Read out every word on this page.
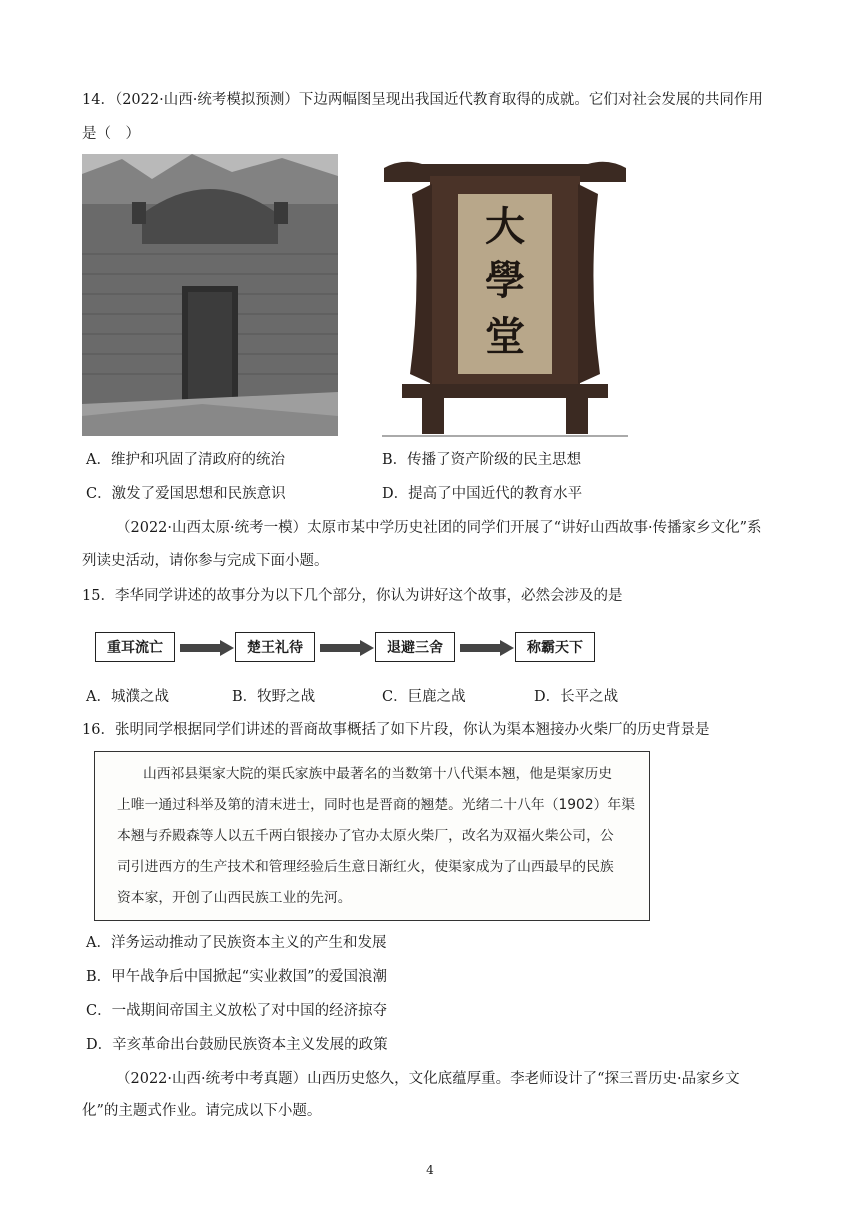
14．（2022·山西·统考模拟预测）下边两幅图呈现出我国近代教育取得的成就。它们对社会发展的共同作用
是（　）
大
學
堂
A．维护和巩固了清政府的统治	B．传播了资产阶级的民主思想
C．激发了爱国思想和民族意识	D．提高了中国近代的教育水平
（2022·山西太原·统考一模）太原市某中学历史社团的同学们开展了“讲好山西故事·传播家乡文化”系
列读史活动，请你参与完成下面小题。
15．李华同学讲述的故事分为以下几个部分，你认为讲好这个故事，必然会涉及的是
重耳流亡	楚王礼待	退避三舍	称霸天下
A．城濮之战	B．牧野之战	C．巨鹿之战	D．长平之战
16．张明同学根据同学们讲述的晋商故事概括了如下片段，你认为渠本翘接办火柴厂的历史背景是
山西祁县渠家大院的渠氏家族中最著名的当数第十八代渠本翘，他是渠家历史
上唯一通过科举及第的清末进士，同时也是晋商的翘楚。光绪二十八年（1902）年渠
本翘与乔殿森等人以五千两白银接办了官办太原火柴厂，改名为双福火柴公司，公
司引进西方的生产技术和管理经验后生意日渐红火，使渠家成为了山西最早的民族
资本家，开创了山西民族工业的先河。
A．洋务运动推动了民族资本主义的产生和发展
B．甲午战争后中国掀起“实业救国”的爱国浪潮
C．一战期间帝国主义放松了对中国的经济掠夺
D．辛亥革命出台鼓励民族资本主义发展的政策
（2022·山西·统考中考真题）山西历史悠久，文化底蕴厚重。李老师设计了“探三晋历史·品家乡文
化”的主题式作业。请完成以下小题。
4
